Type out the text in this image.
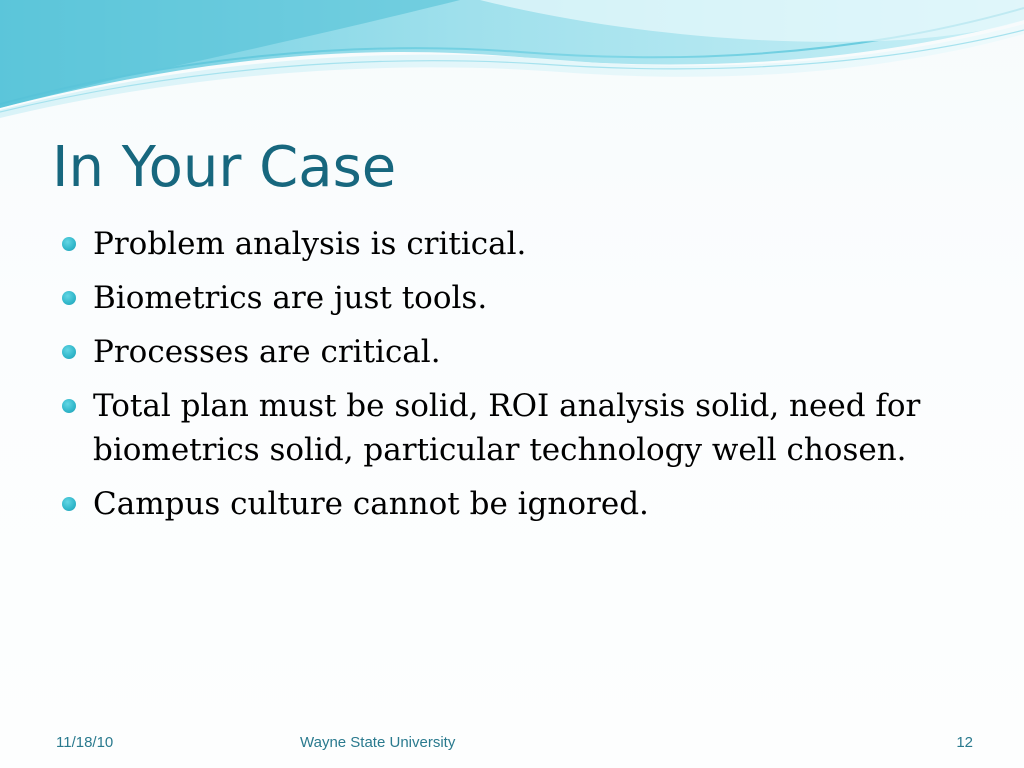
In Your Case
Problem analysis is critical.
Biometrics are just tools.
Processes are critical.
Total plan must be solid, ROI analysis solid, need for biometrics solid, particular technology well chosen.
Campus culture cannot be ignored.
11/18/10	Wayne State University	12
